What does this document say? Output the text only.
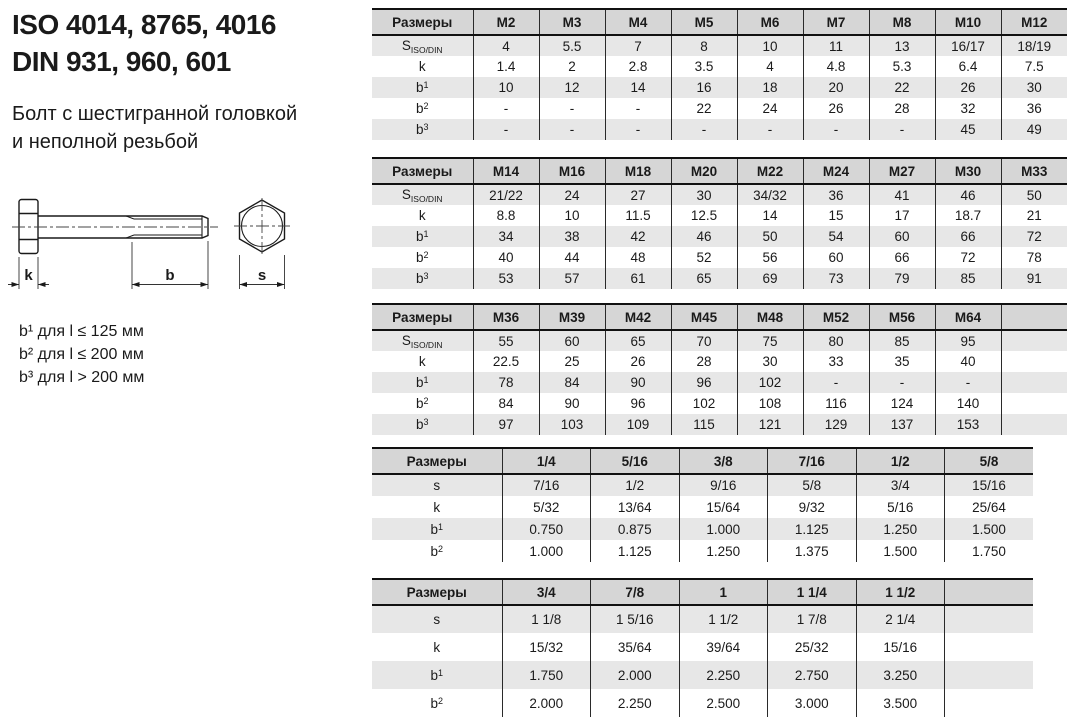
ISO 4014, 8765, 4016
DIN 931, 960, 601
Болт с шестигранной головкой
и неполной резьбой
k	b	s
b¹ для l ≤ 125 мм
b² для l ≤ 200 мм
b³ для l > 200 мм
Размеры	M2	M3	M4	M5	M6	M7	M8	M10	M12
$S_{ISO/DIN}$	4	5.5	7	8	10	11	13	16/17	18/19
k	1.4	2	2.8	3.5	4	4.8	5.3	6.4	7.5
$b^1$	10	12	14	16	18	20	22	26	30
$b^2$	-	-	-	22	24	26	28	32	36
$b^3$	-	-	-	-	-	-	-	45	49
Размеры	M14	M16	M18	M20	M22	M24	M27	M30	M33
$S_{ISO/DIN}$	21/22	24	27	30	34/32	36	41	46	50
k	8.8	10	11.5	12.5	14	15	17	18.7	21
$b^1$	34	38	42	46	50	54	60	66	72
$b^2$	40	44	48	52	56	60	66	72	78
$b^3$	53	57	61	65	69	73	79	85	91
Размеры	M36	M39	M42	M45	M48	M52	M56	M64	
$S_{ISO/DIN}$	55	60	65	70	75	80	85	95	
k	22.5	25	26	28	30	33	35	40	
$b^1$	78	84	90	96	102	-	-	-	
$b^2$	84	90	96	102	108	116	124	140	
$b^3$	97	103	109	115	121	129	137	153	
Размеры	1/4	5/16	3/8	7/16	1/2	5/8
s	7/16	1/2	9/16	5/8	3/4	15/16
k	5/32	13/64	15/64	9/32	5/16	25/64
$b^1$	0.750	0.875	1.000	1.125	1.250	1.500
$b^2$	1.000	1.125	1.250	1.375	1.500	1.750
Размеры	3/4	7/8	1	1 1/4	1 1/2	
s	1 1/8	1 5/16	1 1/2	1 7/8	2 1/4	
k	15/32	35/64	39/64	25/32	15/16	
$b^1$	1.750	2.000	2.250	2.750	3.250	
$b^2$	2.000	2.250	2.500	3.000	3.500	
